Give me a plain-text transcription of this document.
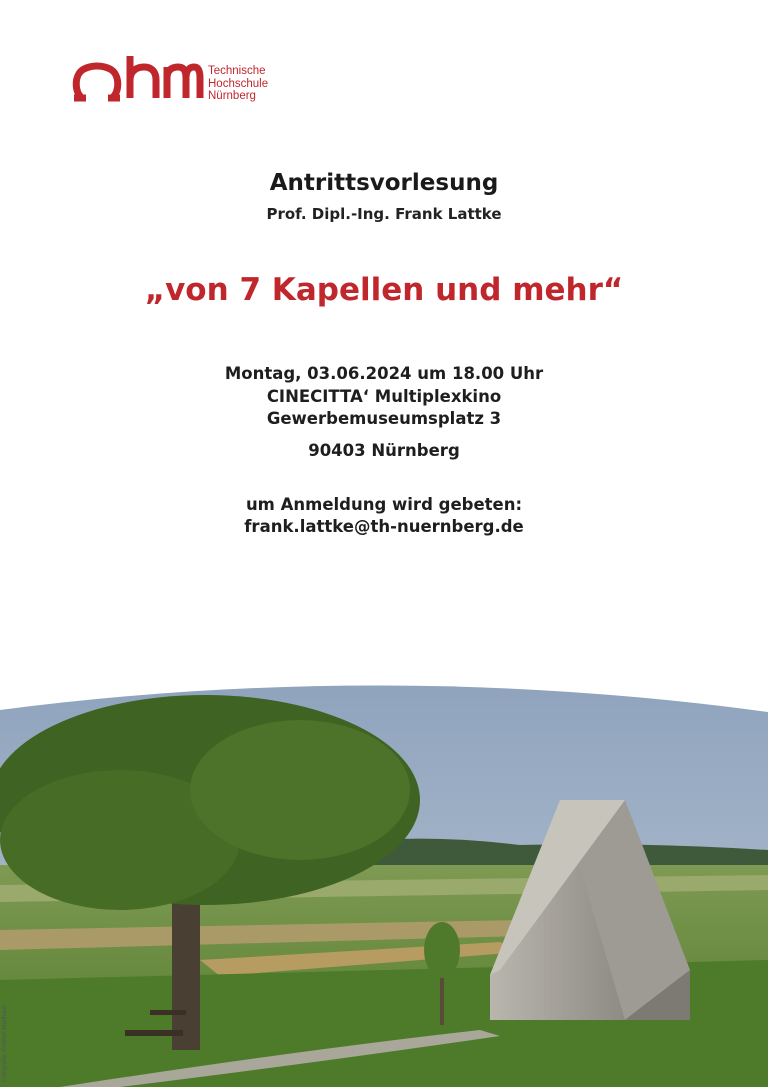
Technische
Hochschule
Nürnberg
Antrittsvorlesung
Prof. Dipl.-Ing. Frank Lattke
„von 7 Kapellen und mehr“
Montag, 03.06.2024 um 18.00 Uhr
CINECITTA‘ Multiplexkino
Gewerbemuseumsplatz 3
90403 Nürnberg
um Anmeldung wird gebeten:
frank.lattke@th-nuernberg.de
Fotografie: Eckhart Matthäus
